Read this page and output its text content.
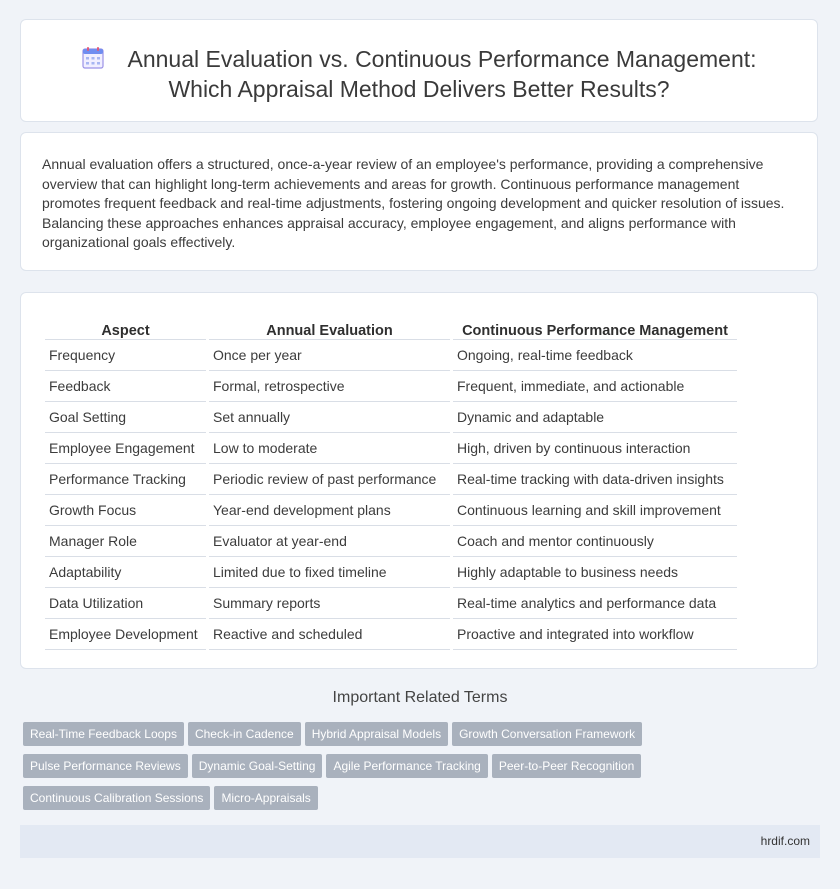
Annual Evaluation vs. Continuous Performance Management:
Which Appraisal Method Delivers Better Results?

Annual evaluation offers a structured, once-a-year review of an employee's performance, providing a comprehensive overview that can highlight long-term achievements and areas for growth. Continuous performance management promotes frequent feedback and real-time adjustments, fostering ongoing development and quicker resolution of issues. Balancing these approaches enhances appraisal accuracy, employee engagement, and aligns performance with organizational goals effectively.

Aspect	Annual Evaluation	Continuous Performance Management
Frequency	Once per year	Ongoing, real-time feedback
Feedback	Formal, retrospective	Frequent, immediate, and actionable
Goal Setting	Set annually	Dynamic and adaptable
Employee Engagement	Low to moderate	High, driven by continuous interaction
Performance Tracking	Periodic review of past performance	Real-time tracking with data-driven insights
Growth Focus	Year-end development plans	Continuous learning and skill improvement
Manager Role	Evaluator at year-end	Coach and mentor continuously
Adaptability	Limited due to fixed timeline	Highly adaptable to business needs
Data Utilization	Summary reports	Real-time analytics and performance data
Employee Development	Reactive and scheduled	Proactive and integrated into workflow
Important Related Terms
Real-Time Feedback Loops Check-in Cadence Hybrid Appraisal Models Growth Conversation Framework
Pulse Performance Reviews Dynamic Goal-Setting Agile Performance Tracking Peer-to-Peer Recognition
Continuous Calibration Sessions Micro-Appraisals
hrdif.com
